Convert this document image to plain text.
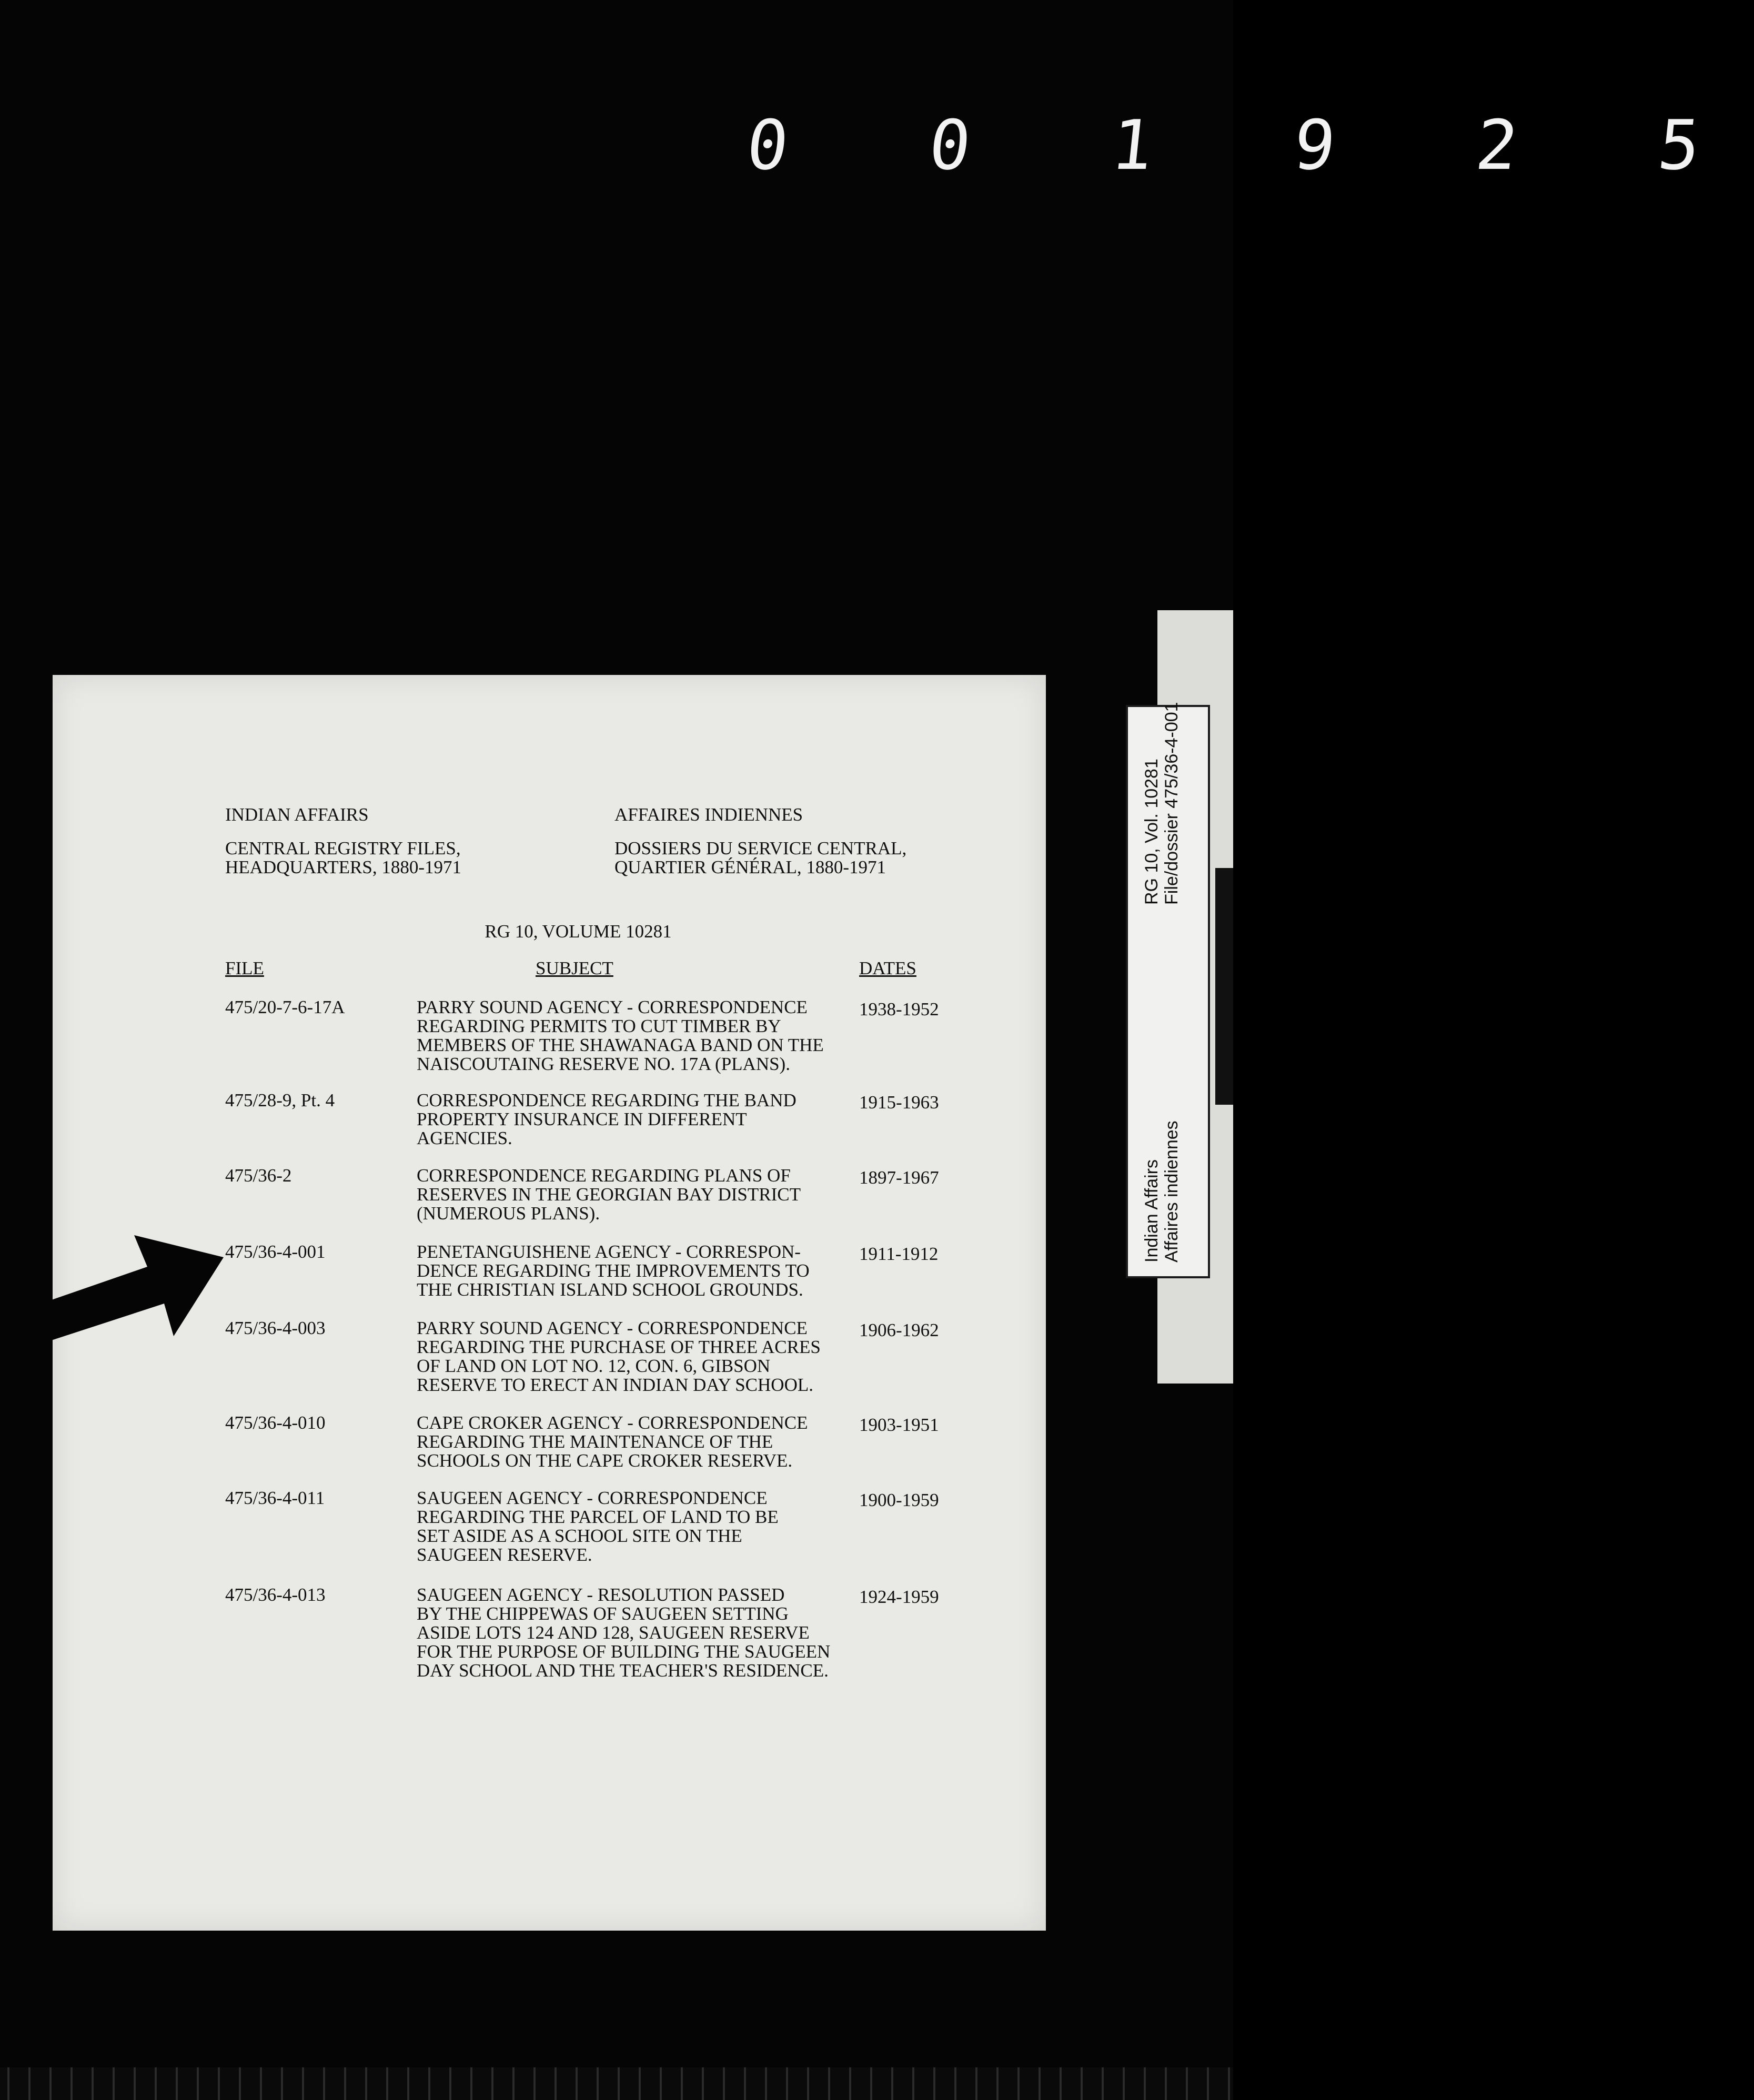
0 0 1 9 2 5
INDIAN AFFAIRS
CENTRAL REGISTRY FILES,
HEADQUARTERS, 1880-1971
AFFAIRES INDIENNES
DOSSIERS DU SERVICE CENTRAL,
QUARTIER GÉNÉRAL, 1880-1971
RG 10, VOLUME 10281
FILE	SUBJECT	DATES
475/20-7-6-17A	PARRY SOUND AGENCY - CORRESPONDENCE
REGARDING PERMITS TO CUT TIMBER BY
MEMBERS OF THE SHAWANAGA BAND ON THE
NAISCOUTAING RESERVE NO. 17A (PLANS).
1938-1952
475/28-9, Pt. 4	CORRESPONDENCE REGARDING THE BAND
PROPERTY INSURANCE IN DIFFERENT
AGENCIES.
1915-1963
475/36-2	CORRESPONDENCE REGARDING PLANS OF
RESERVES IN THE GEORGIAN BAY DISTRICT
(NUMEROUS PLANS).
1897-1967
475/36-4-001	PENETANGUISHENE AGENCY - CORRESPON-
DENCE REGARDING THE IMPROVEMENTS TO
THE CHRISTIAN ISLAND SCHOOL GROUNDS.
1911-1912
475/36-4-003	PARRY SOUND AGENCY - CORRESPONDENCE
REGARDING THE PURCHASE OF THREE ACRES
OF LAND ON LOT NO. 12, CON. 6, GIBSON
RESERVE TO ERECT AN INDIAN DAY SCHOOL.
1906-1962
475/36-4-010	CAPE CROKER AGENCY - CORRESPONDENCE
REGARDING THE MAINTENANCE OF THE
SCHOOLS ON THE CAPE CROKER RESERVE.
1903-1951
475/36-4-011	SAUGEEN AGENCY - CORRESPONDENCE
REGARDING THE PARCEL OF LAND TO BE
SET ASIDE AS A SCHOOL SITE ON THE
SAUGEEN RESERVE.
1900-1959
475/36-4-013	SAUGEEN AGENCY - RESOLUTION PASSED
BY THE CHIPPEWAS OF SAUGEEN SETTING
ASIDE LOTS 124 AND 128, SAUGEEN RESERVE
FOR THE PURPOSE OF BUILDING THE SAUGEEN
DAY SCHOOL AND THE TEACHER'S RESIDENCE.
1924-1959
Indian Affairs Affaires indiennes
RG 10, Vol. 10281 File/dossier 475/36-4-001
